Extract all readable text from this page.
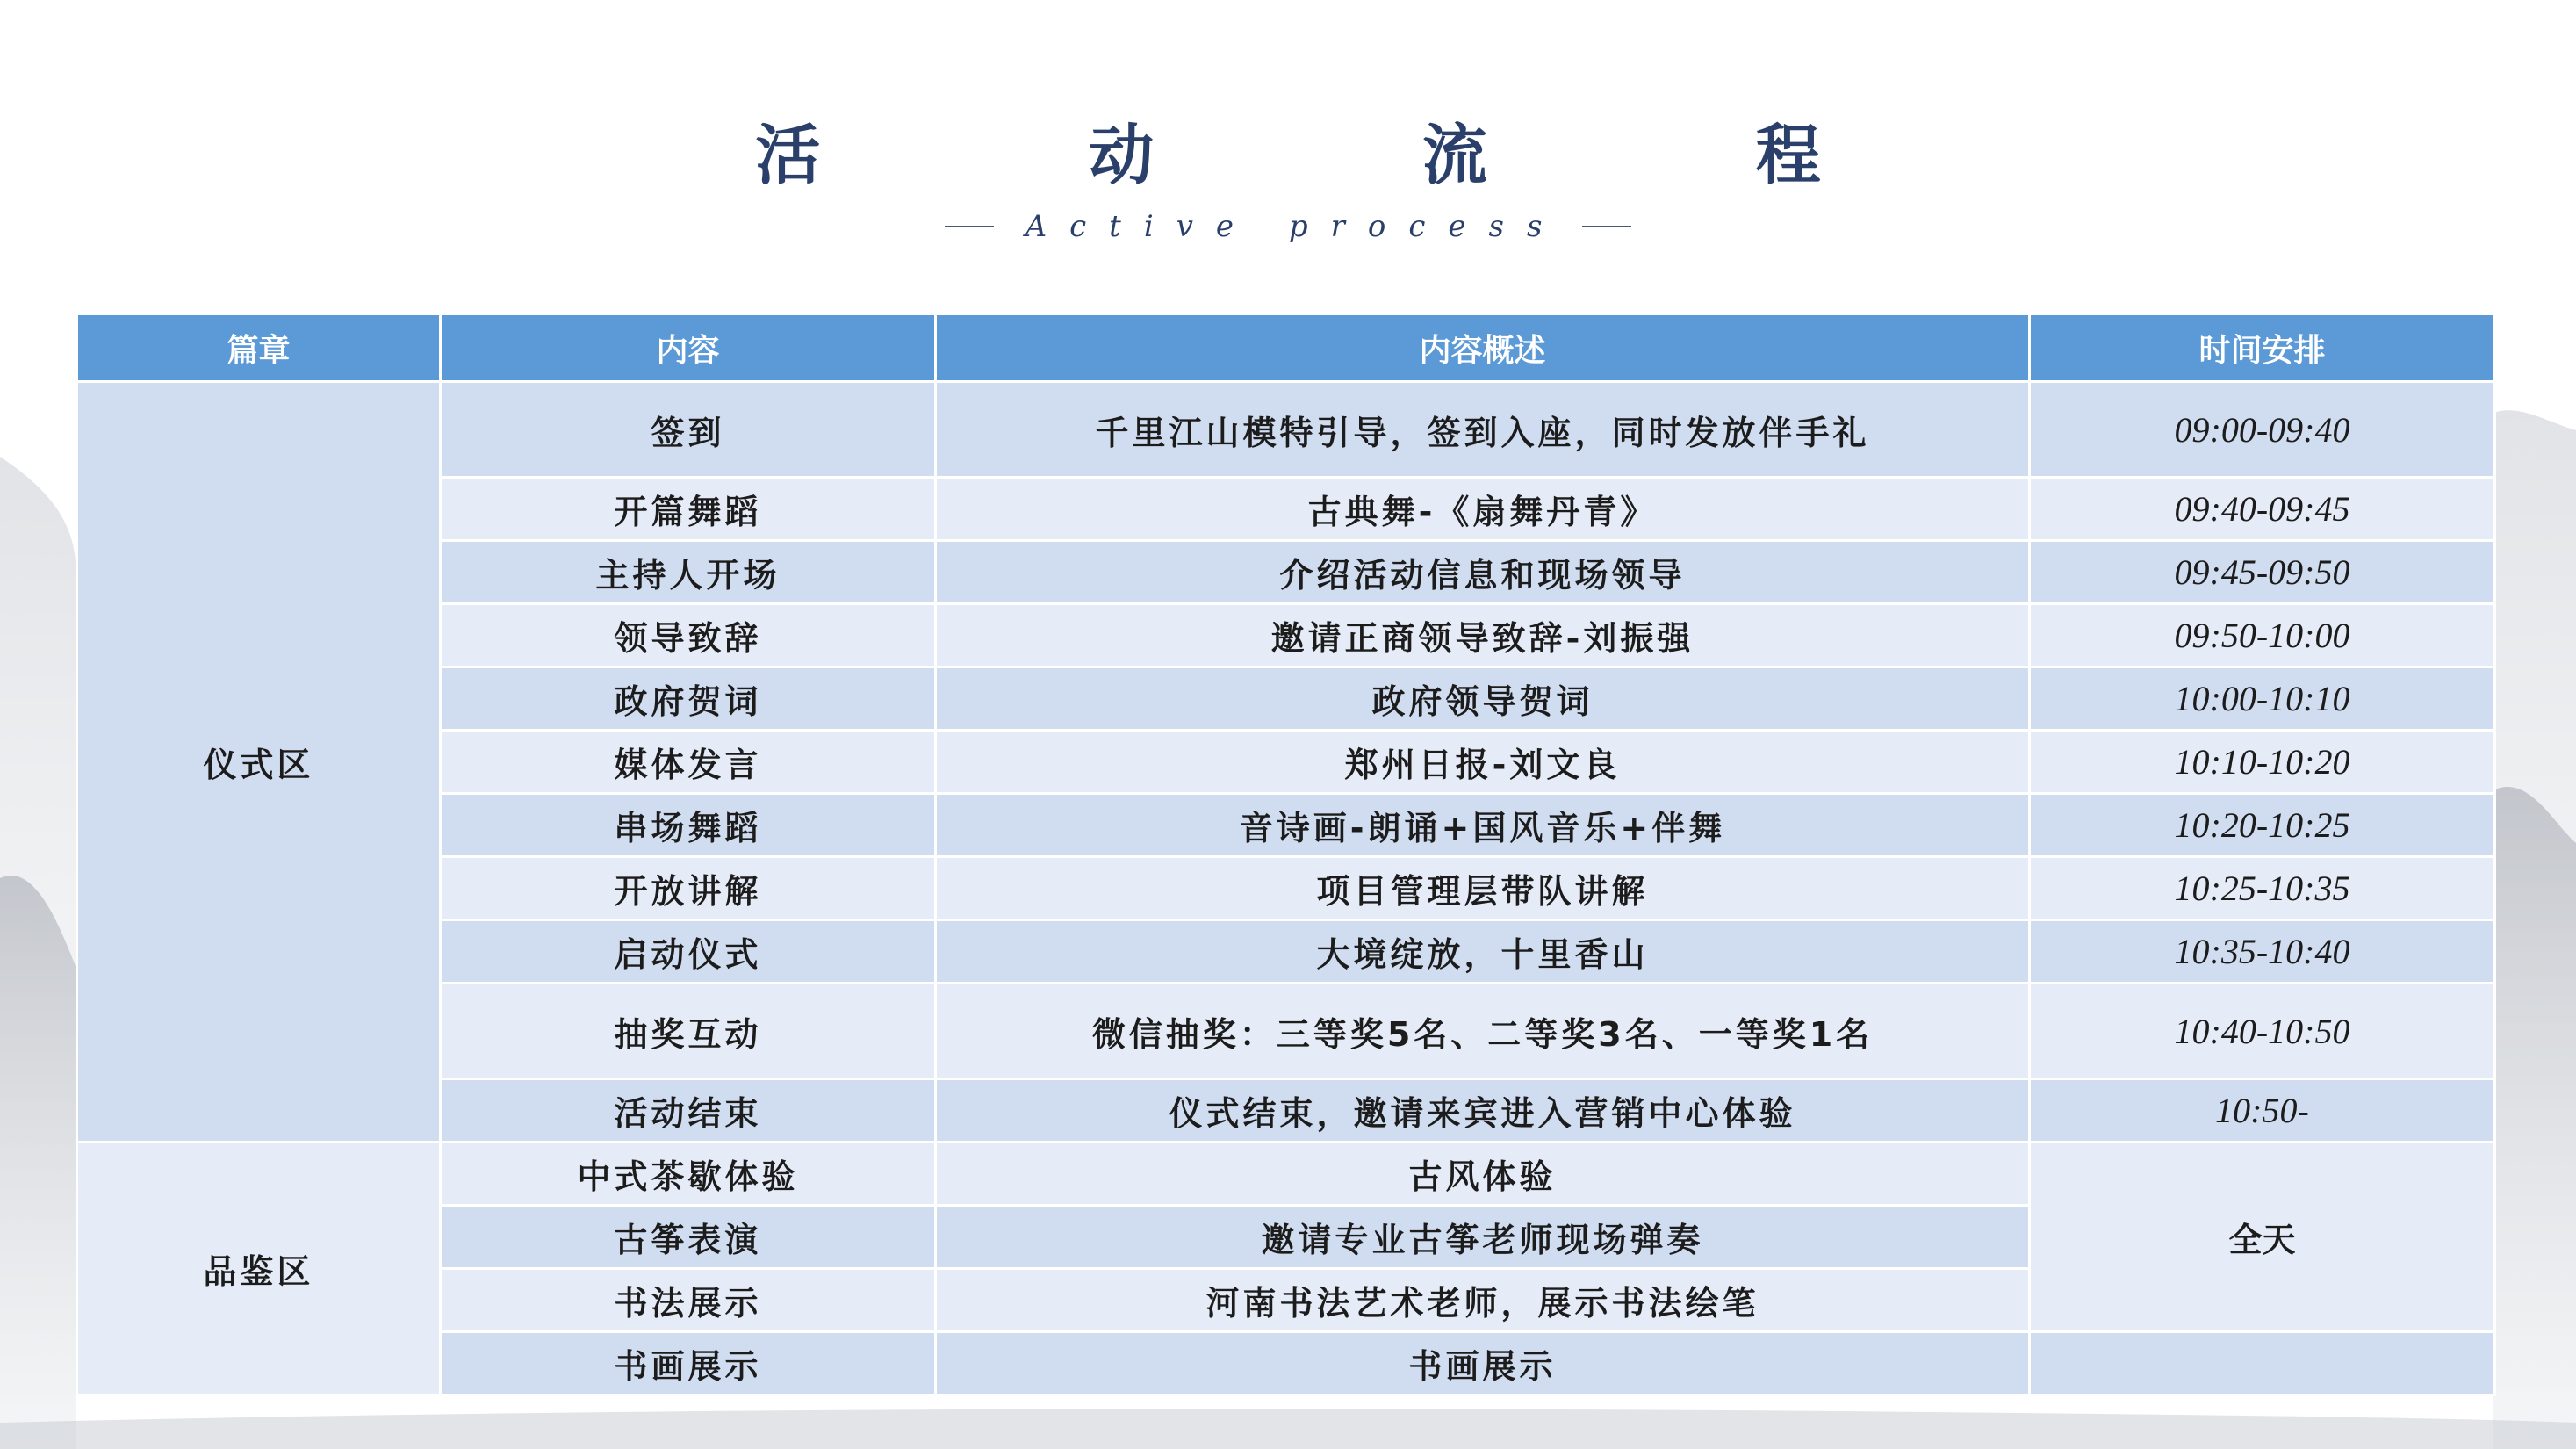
活 动 流 程
Active process
篇章	内容	内容概述	时间安排
仪式区	签到	千里江山模特引导，签到入座，同时发放伴手礼	09:00-09:40
	开篇舞蹈	古典舞-《扇舞丹青》	09:40-09:45
	主持人开场	介绍活动信息和现场领导	09:45-09:50
	领导致辞	邀请正商领导致辞-刘振强	09:50-10:00
	政府贺词	政府领导贺词	10:00-10:10
	媒体发言	郑州日报-刘文良	10:10-10:20
	串场舞蹈	音诗画-朗诵+国风音乐+伴舞	10:20-10:25
	开放讲解	项目管理层带队讲解	10:25-10:35
	启动仪式	大境绽放，十里香山	10:35-10:40
	抽奖互动	微信抽奖：三等奖5名、二等奖3名、一等奖1名	10:40-10:50
	活动结束	仪式结束，邀请来宾进入营销中心体验	10:50-
品鉴区	中式茶歇体验	古风体验	全天
	古筝表演	邀请专业古筝老师现场弹奏	
	书法展示	河南书法艺术老师，展示书法绘笔	
	书画展示	书画展示	
